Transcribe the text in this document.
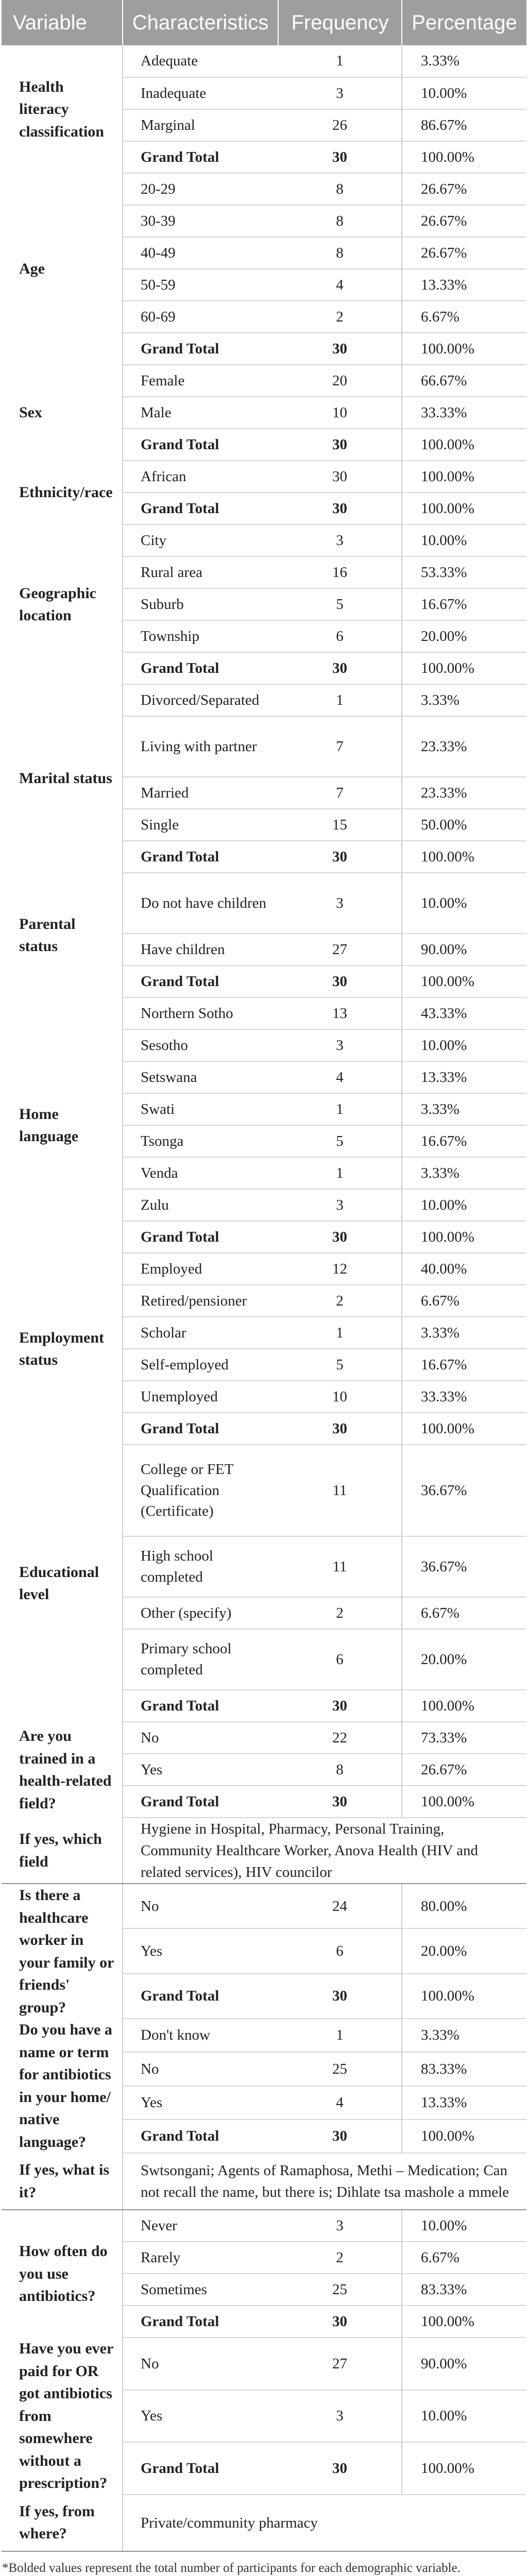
Variable	Characteristics	Frequency	Percentage
Health literacy classification	Adequate	1	3.33%
	Inadequate	3	10.00%
	Marginal	26	86.67%
	Grand Total	30	100.00%
Age	20-29	8	26.67%
	30-39	8	26.67%
	40-49	8	26.67%
	50-59	4	13.33%
	60-69	2	6.67%
	Grand Total	30	100.00%
Sex	Female	20	66.67%
	Male	10	33.33%
	Grand Total	30	100.00%
Ethnicity/race	African	30	100.00%
	Grand Total	30	100.00%
Geographic location	City	3	10.00%
	Rural area	16	53.33%
	Suburb	5	16.67%
	Township	6	20.00%
	Grand Total	30	100.00%
Marital status	Divorced/Separated	1	3.33%
	Living with partner	7	23.33%
	Married	7	23.33%
	Single	15	50.00%
	Grand Total	30	100.00%
Parental status	Do not have children	3	10.00%
	Have children	27	90.00%
	Grand Total	30	100.00%
Home language	Northern Sotho	13	43.33%
	Sesotho	3	10.00%
	Setswana	4	13.33%
	Swati	1	3.33%
	Tsonga	5	16.67%
	Venda	1	3.33%
	Zulu	3	10.00%
	Grand Total	30	100.00%
Employment status	Employed	12	40.00%
	Retired/pensioner	2	6.67%
	Scholar	1	3.33%
	Self-employed	5	16.67%
	Unemployed	10	33.33%
	Grand Total	30	100.00%
Educational level	College or FET Qualification (Certificate)	11	36.67%
	High school completed	11	36.67%
	Other (specify)	2	6.67%
	Primary school completed	6	20.00%
	Grand Total	30	100.00%
Are you trained in a health-related field?	No	22	73.33%
	Yes	8	26.67%
	Grand Total	30	100.00%
If yes, which field	Hygiene in Hospital, Pharmacy, Personal Training, Community Healthcare Worker, Anova Health (HIV and related services), HIV councilor		
Is there a healthcare worker in your family or friends' group?	No	24	80.00%
	Yes	6	20.00%
	Grand Total	30	100.00%
Do you have a name or term for antibiotics in your home/ native language?	Don't know	1	3.33%
	No	25	83.33%
	Yes	4	13.33%
	Grand Total	30	100.00%
If yes, what is it?	Swtsongani; Agents of Ramaphosa, Methi – Medication; Can not recall the name, but there is; Dihlate tsa mashole a mmele		
How often do you use antibiotics?	Never	3	10.00%
	Rarely	2	6.67%
	Sometimes	25	83.33%
	Grand Total	30	100.00%
Have you ever paid for OR got antibiotics from somewhere without a prescription?	No	27	90.00%
	Yes	3	10.00%
	Grand Total	30	100.00%
If yes, from where?	Private/community pharmacy		
*Bolded values represent the total number of participants for each demographic variable.
